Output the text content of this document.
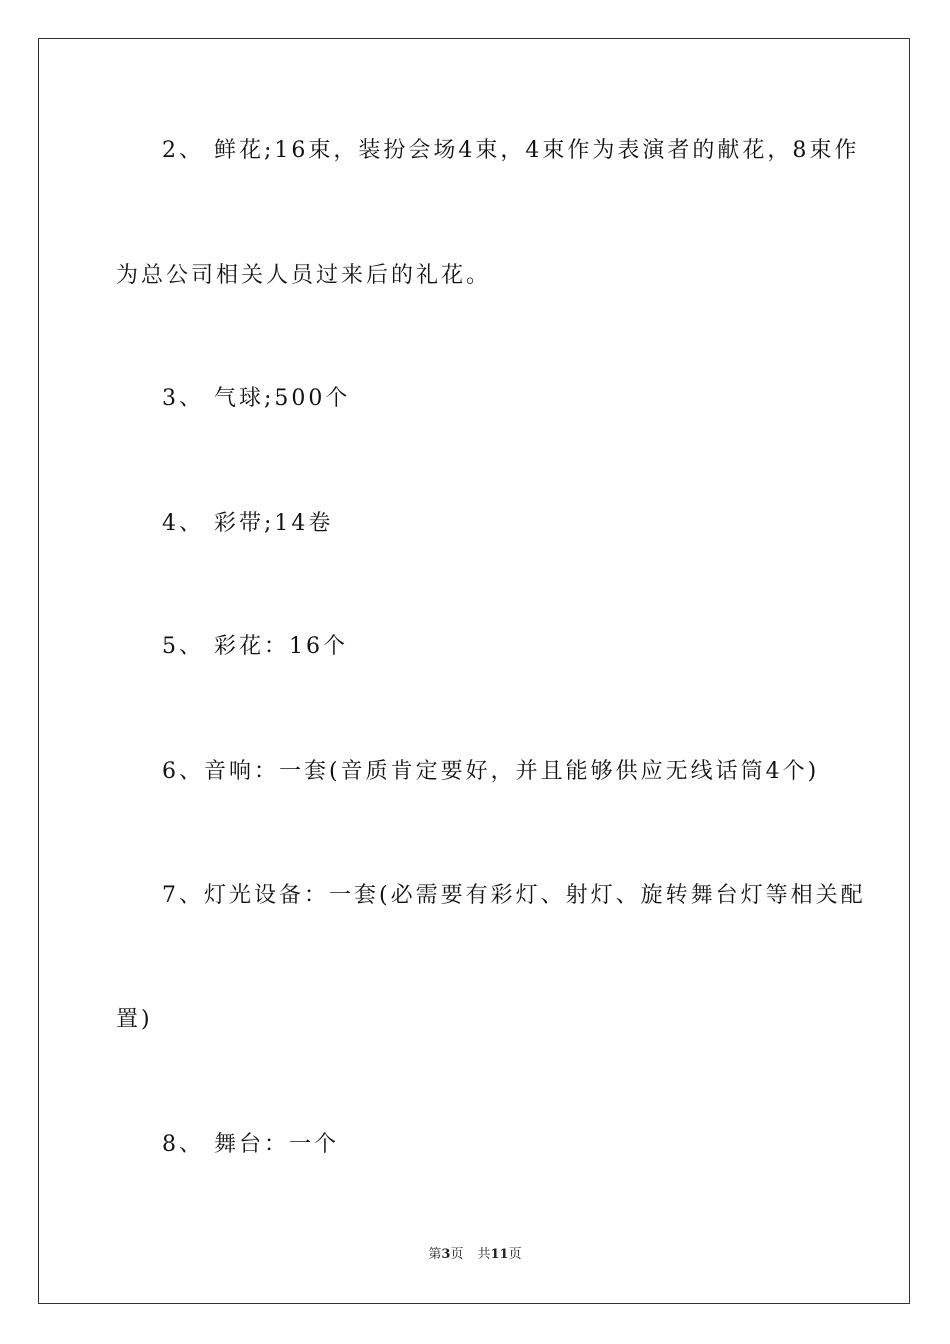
2、 鲜花;16束，装扮会场4束，4束作为表演者的献花，8束作
为总公司相关人员过来后的礼花。
3、 气球;500个
4、 彩带;14卷
5、 彩花：16个
6、音响：一套(音质肯定要好，并且能够供应无线话筒4个)
7、灯光设备：一套(必需要有彩灯、射灯、旋转舞台灯等相关配
置)
8、 舞台：一个
第3页 共11页
